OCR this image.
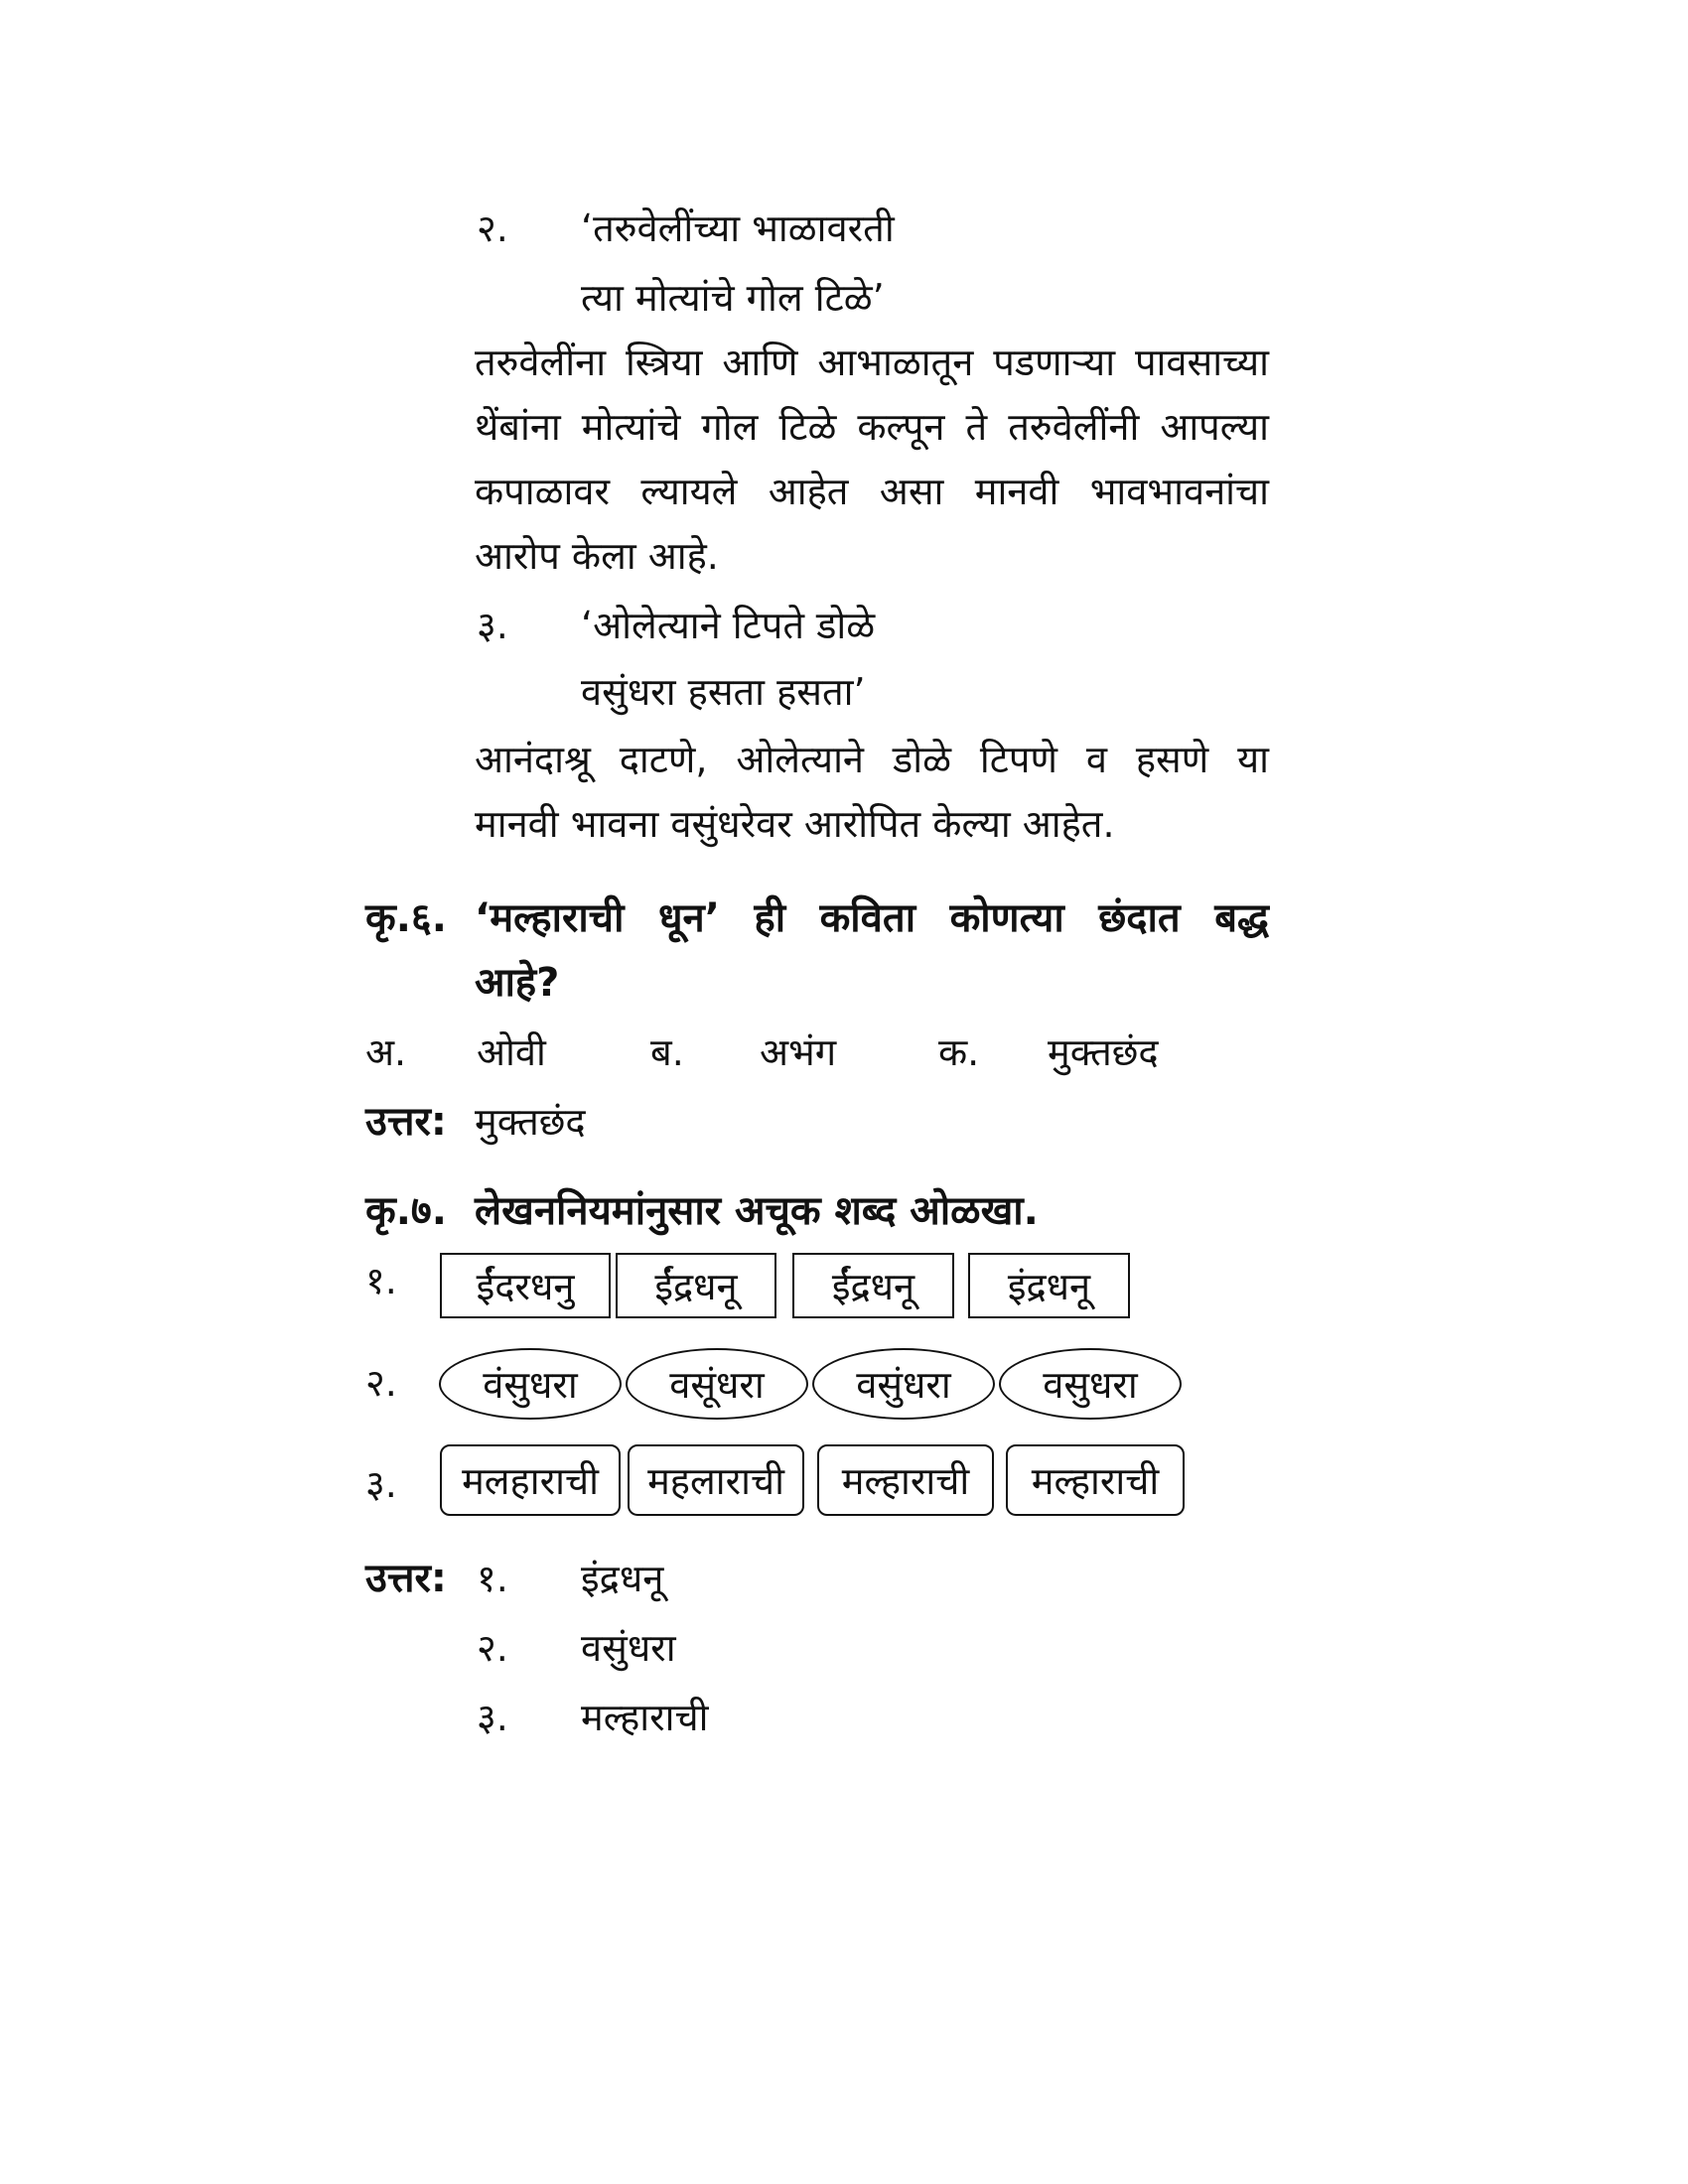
२. ‘तरुवेलींच्या भाळावरती
त्या मोत्यांचे गोल टिळे’
तरुवेलींना स्त्रिया आणि आभाळातून पडणाऱ्या पावसाच्या
थेंबांना मोत्यांचे गोल टिळे कल्पून ते तरुवेलींनी आपल्या
कपाळावर ल्यायले आहेत असा मानवी भावभावनांचा
आरोप केला आहे.
३. ‘ओलेत्याने टिपते डोळे
वसुंधरा हसता हसता’
आनंदाश्रू दाटणे, ओलेत्याने डोळे टिपणे व हसणे या
मानवी भावना वसुंधरेवर आरोपित केल्या आहेत.
कृ.६. ‘मल्हाराची धून’ ही कविता कोणत्या छंदात बद्ध
आहे?
अ. ओवी	ब. अभंग	क. मुक्तछंद
उत्तर: मुक्तछंद
कृ.७. लेखननियमांनुसार अचूक शब्द ओळखा.
१.	ईंदरधनु	ईंद्रधनू	ईंद्रधनू	इंद्रधनू
२.	वंसुधरा	वसूंधरा	वसुंधरा	वसुधरा
३.	मलहाराची	महलाराची	मल्हाराची	मल्हाराची
उत्तर: १. इंद्रधनू
२. वसुंधरा
३. मल्हाराची
